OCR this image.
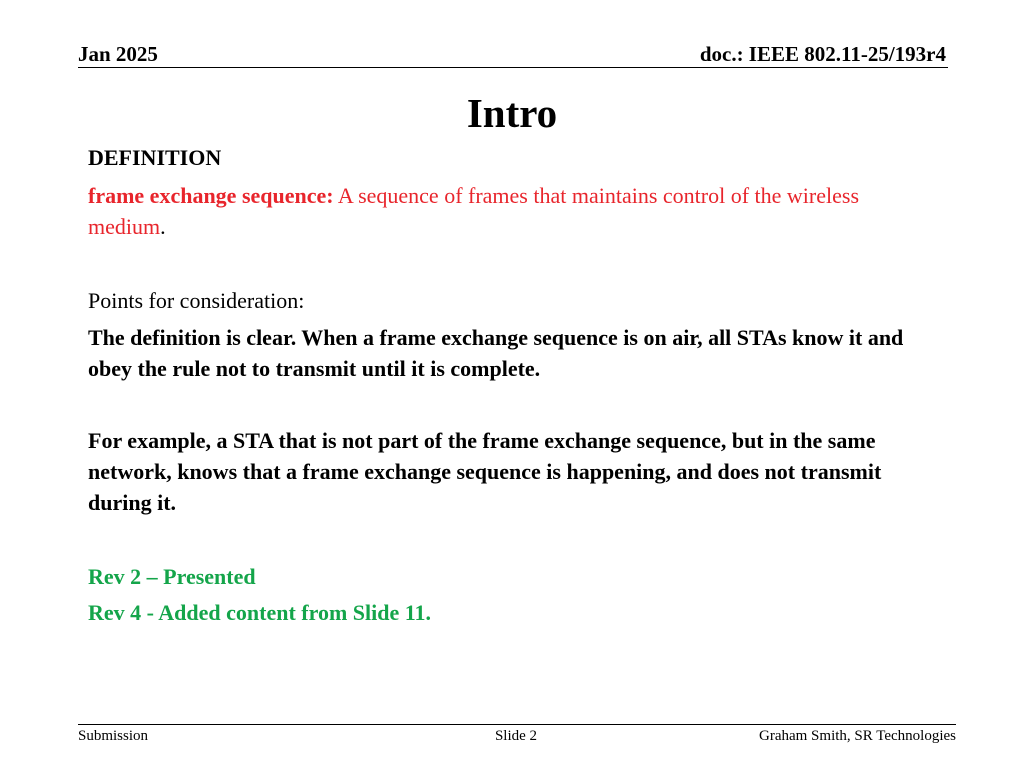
Jan 2025	doc.: IEEE 802.11-25/193r4
Intro
DEFINITION
frame exchange sequence: A sequence of frames that maintains control of the wireless medium.
Points for consideration:
The definition is clear. When a frame exchange sequence is on air, all STAs know it and obey the rule not to transmit until it is complete.
For example, a STA that is not part of the frame exchange sequence, but in the same network, knows that a frame exchange sequence is happening, and does not transmit during it.
Rev 2 – Presented
Rev 4 - Added content from Slide 11.
Submission	Slide 2	Graham Smith, SR Technologies
